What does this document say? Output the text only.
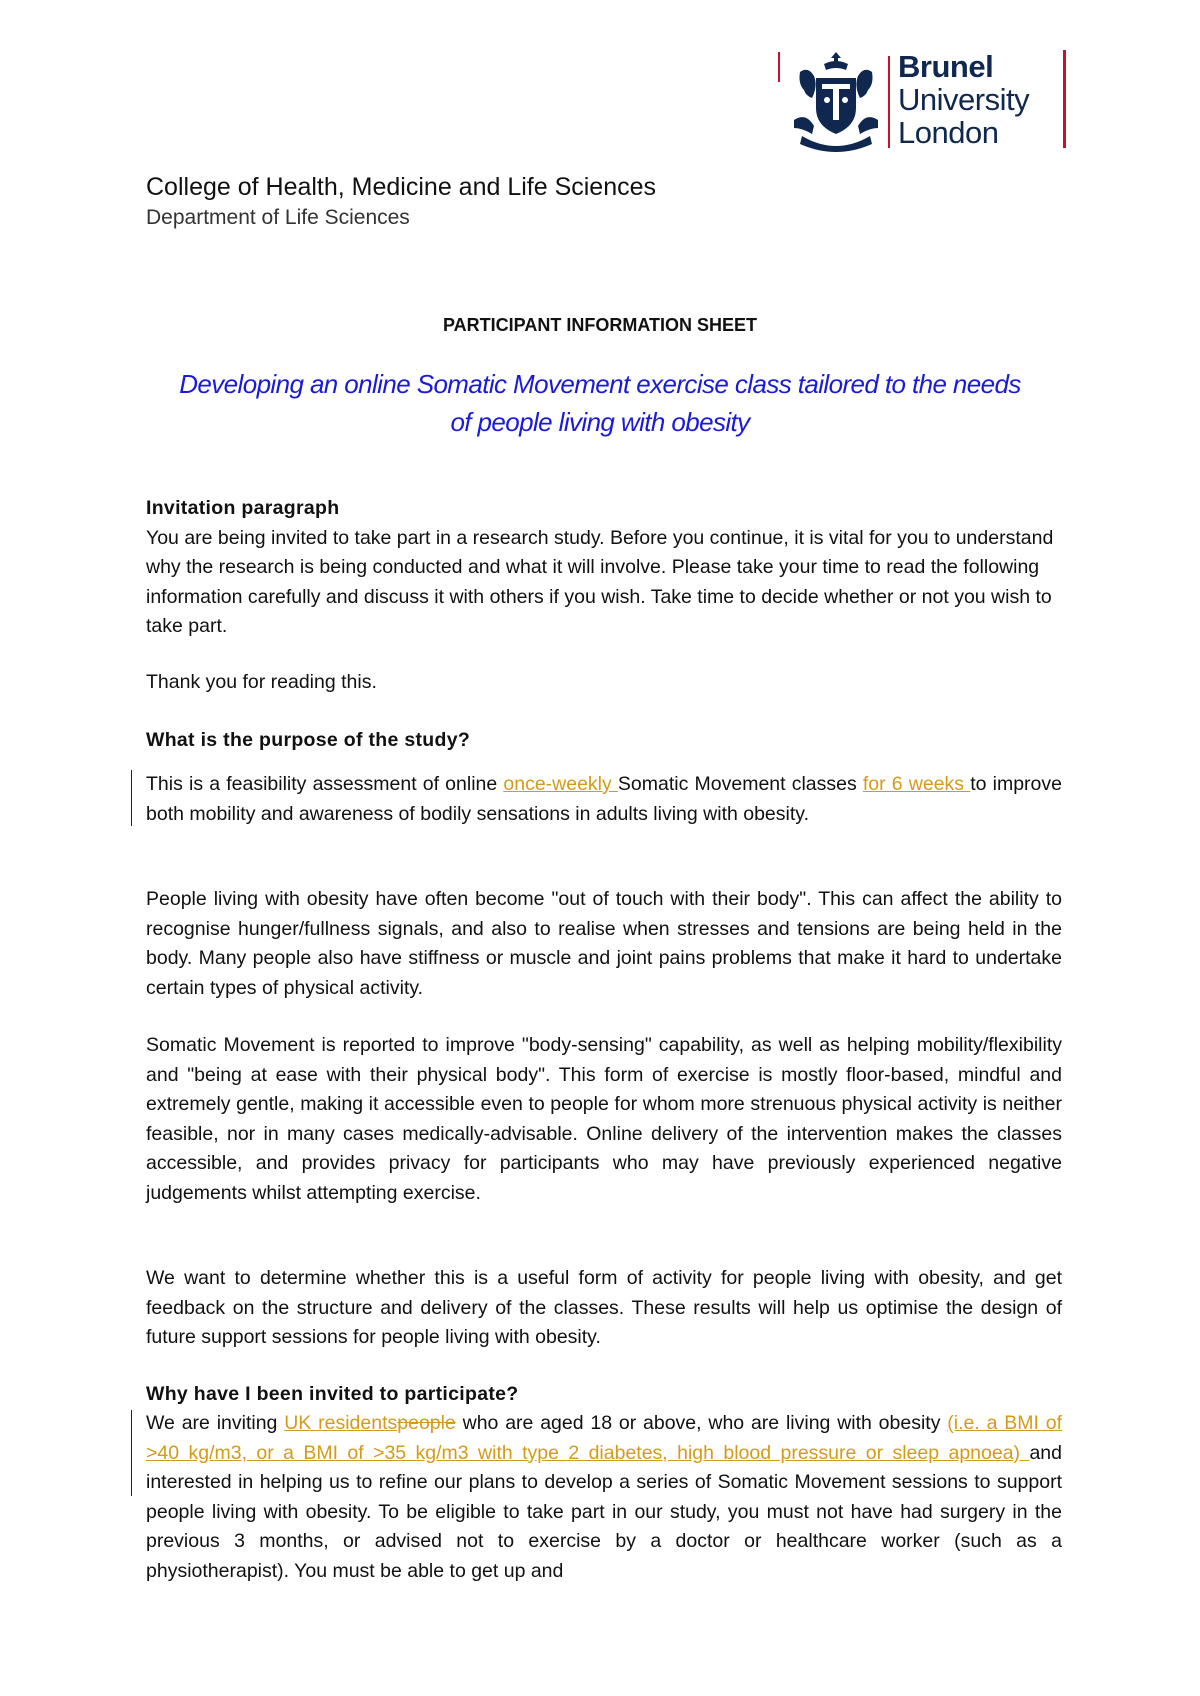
Brunel
University
London
College of Health, Medicine and Life Sciences
Department of Life Sciences
PARTICIPANT INFORMATION SHEET
Developing an online Somatic Movement exercise class tailored to the needs
of people living with obesity
Invitation paragraph

You are being invited to take part in a research study. Before you continue, it is vital for you to understand why the research is being conducted and what it will involve. Please take your time to read the following information carefully and discuss it with others if you wish. Take time to decide whether or not you wish to take part.

Thank you for reading this.
What is the purpose of the study?

This is a feasibility assessment of online once-weekly Somatic Movement classes for 6 weeks to improve both mobility and awareness of bodily sensations in adults living with obesity.

People living with obesity have often become "out of touch with their body". This can affect the ability to recognise hunger/fullness signals, and also to realise when stresses and tensions are being held in the body. Many people also have stiffness or muscle and joint pains problems that make it hard to undertake certain types of physical activity.
Somatic Movement is reported to improve "body-sensing" capability, as well as helping mobility/flexibility and "being at ease with their physical body". This form of exercise is mostly floor-based, mindful and extremely gentle, making it accessible even to people for whom more strenuous physical activity is neither feasible, nor in many cases medically-advisable. Online delivery of the intervention makes the classes accessible, and provides privacy for participants who may have previously experienced negative judgements whilst attempting exercise.
We want to determine whether this is a useful form of activity for people living with obesity, and get feedback on the structure and delivery of the classes. These results will help us optimise the design of future support sessions for people living with obesity.
Why have I been invited to participate?

We are inviting UK residentspeople who are aged 18 or above, who are living with obesity (i.e. a BMI of >40 kg/m3, or a BMI of >35 kg/m3 with type 2 diabetes, high blood pressure or sleep apnoea) and interested in helping us to refine our plans to develop a series of Somatic Movement sessions to support people living with obesity. To be eligible to take part in our study, you must not have had surgery in the previous 3 months, or advised not to exercise by a doctor or healthcare worker (such as a physiotherapist). You must be able to get up and
